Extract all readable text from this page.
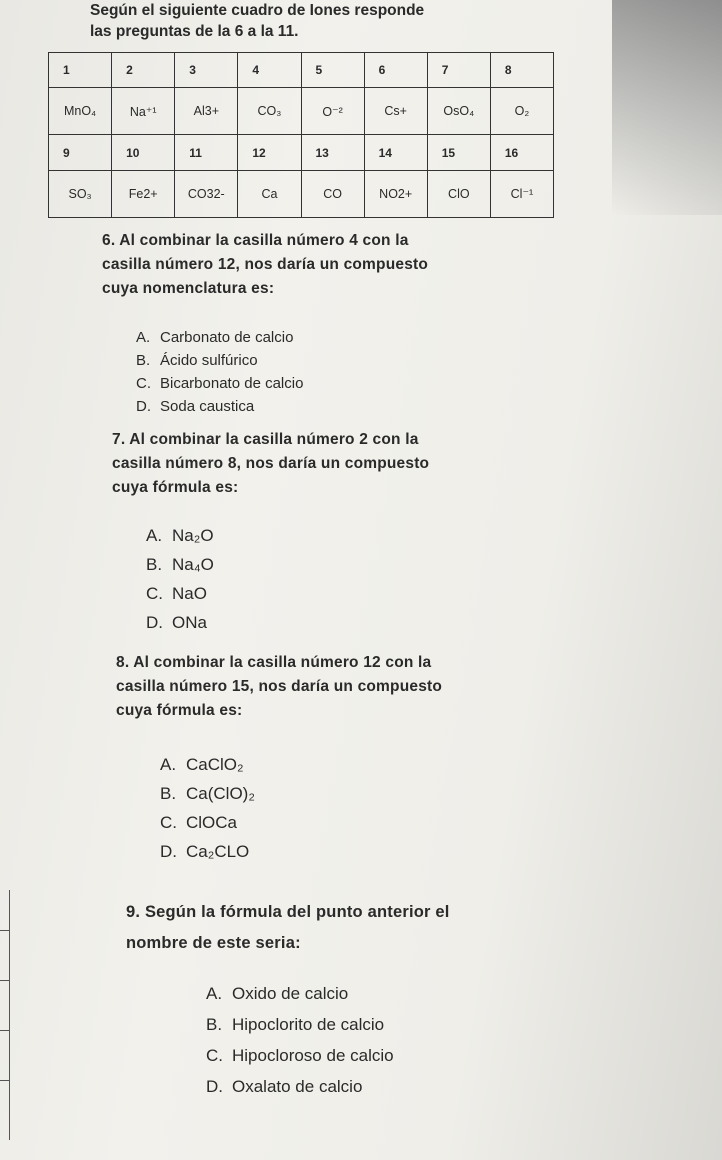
Según el siguiente cuadro de Iones responde
las preguntas de la 6 a la 11.
1	2	3	4	5	6	7	8
MnO₄	Na⁺¹	Al3+	CO₃	O⁻²	Cs+	OsO₄	O₂
9	10	11	12	13	14	15	16
SO₃	Fe2+	CO32-	Ca	CO	NO2+	ClO	Cl⁻¹
6. Al combinar la casilla número 4 con la
casilla número 12, nos daría un compuesto
cuya nomenclatura es:
A. Carbonato de calcio
B. Ácido sulfúrico
C. Bicarbonato de calcio
D. Soda caustica
7. Al combinar la casilla número 2 con la
casilla número 8, nos daría un compuesto
cuya fórmula es:
A. Na₂O
B. Na₄O
C. NaO
D. ONa
8. Al combinar la casilla número 12 con la
casilla número 15, nos daría un compuesto
cuya fórmula es:
A. CaClO₂
B. Ca(ClO)₂
C. ClOCa
D. Ca₂CLO
9. Según la fórmula del punto anterior el
nombre de este seria:
A. Oxido de calcio
B. Hipoclorito de calcio
C. Hipocloroso de calcio
D. Oxalato de calcio
